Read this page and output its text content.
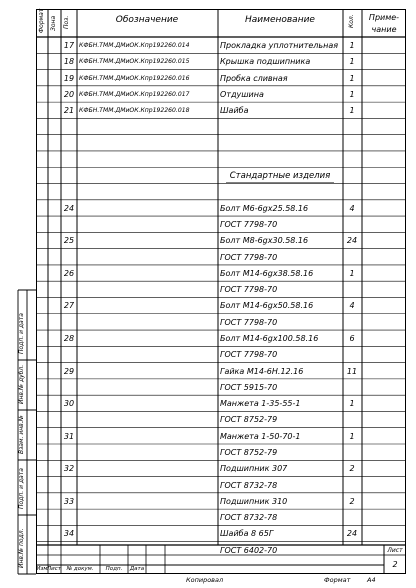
Формат Зона Поз.	Обозначение	Наименование	Кол. Приме-
чание
17 КФБН.ТММ.ДМиОК.Кпр192260.014	Прокладка уплотнительная 1
18 КФБН.ТММ.ДМиОК.Кпр192260.015	Крышка подшипника	1
19 КФБН.ТММ.ДМиОК.Кпр192260.016	Пробка сливная	1
20 КФБН.ТММ.ДМиОК.Кпр192260.017	Отдушина	1
21 КФБН.ТММ.ДМиОК.Кпр192260.018	Шайба	1
Стандартные изделия
24	Болт М6-6gх25.58.16	4
ГОСТ 7798-70
25	Болт М8-6gх30.58.16	24
ГОСТ 7798-70
26	Болт М14-6gх38.58.16	1
ГОСТ 7798-70
27	Болт М14-6gх50.58.16	4
ГОСТ 7798-70
28	Болт М14-6gх100.58.16	6
ГОСТ 7798-70
29	Гайка М14-6Н.12.16	11
ГОСТ 5915-70
30	Манжета 1-35-55-1	1
ГОСТ 8752-79
31	Манжета 1-50-70-1	1
ГОСТ 8752-79
32	Подшипник 307	2
ГОСТ 8732-78
33	Подшипник 310	2
ГОСТ 8732-78
34	Шайба 8 65Г	24
ГОСТ 6402-70
Подп. и дата
Инв.№ дубл.
Взам. инв.№
Подп. и дата
Инв.№ подл.
Изм Лист № докум. Подп. Дата
Лист
2
Копировал	Формат	А4
